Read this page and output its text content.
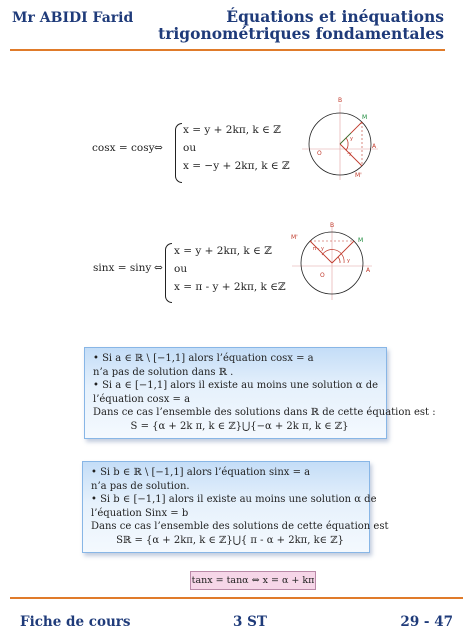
Mr ABIDI Farid	Équations et inéquations
trigonométriques fondamentales
cosx = cosy ⇔
x = y + 2kπ, k ∈ ℤ
ou
x = −y + 2kπ, k ∈ ℤ
B
A
O
M
M'
y
-y
sinx = siny ⇔
x = y + 2kπ, k ∈ ℤ
ou
x = π - y + 2kπ, k ∈ℤ
B
A
O
M
M'
y
π - y

• Si a ∈ ℝ \ [−1,1] alors l’équation cosx = a

n’a pas de solution dans ℝ .

• Si a ∈ [−1,1] alors il existe au moins une solution α de

l’équation cosx = a

Dans ce cas l’ensemble des solutions dans ℝ de cette équation est :

S = {α + 2k π, k ∈ ℤ}⋃{−α + 2k π, k ∈ ℤ}

• Si b ∈ ℝ \ [−1,1] alors l’équation sinx = a

n’a pas de solution.

• Si b ∈ [−1,1] alors il existe au moins une solution α de

l’équation Sinx = b

Dans ce cas l’ensemble des solutions de cette équation est

Sℝ = {α + 2kπ, k ∈ ℤ}⋃{ π - α + 2kπ, k∈ ℤ}

tanx = tanα ⇔ x = α + kπ
Fiche de cours	3 ST	29 - 47
